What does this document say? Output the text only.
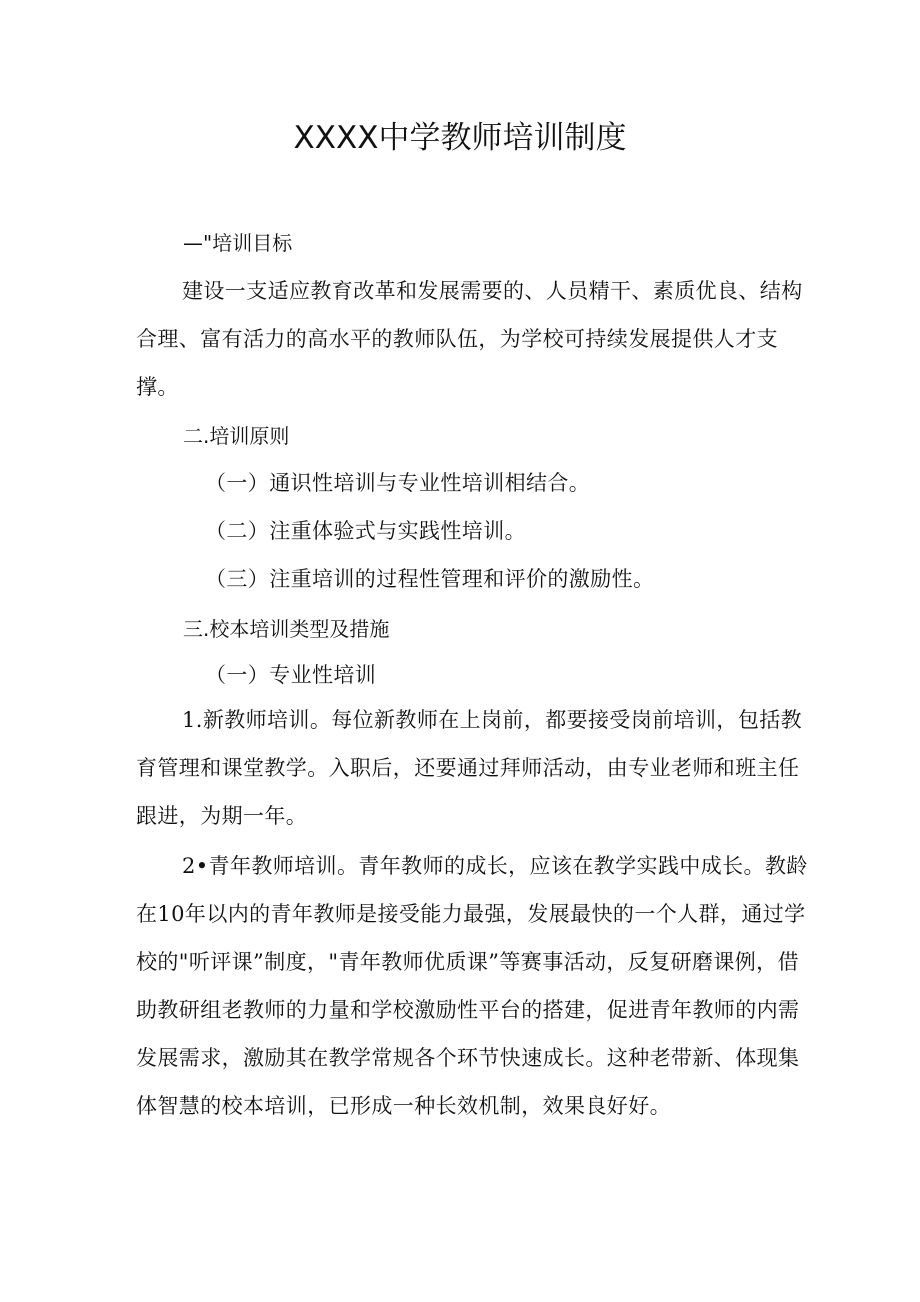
XXXX中学教师培训制度
—"培训目标

建设一支适应教育改革和发展需要的、人员精干、素质优良、结构合理、富有活力的高水平的教师队伍，为学校可持续发展提供人才支撑。

二.培训原则

（一）通识性培训与专业性培训相结合。

（二）注重体验式与实践性培训。

（三）注重培训的过程性管理和评价的激励性。

三.校本培训类型及措施

（一）专业性培训

1.新教师培训。每位新教师在上岗前，都要接受岗前培训，包括教育管理和课堂教学。入职后，还要通过拜师活动，由专业老师和班主任跟进，为期一年。

2•青年教师培训。青年教师的成长，应该在教学实践中成长。教龄在10年以内的青年教师是接受能力最强，发展最快的一个人群，通过学校的"听评课”制度，"青年教师优质课”等赛事活动，反复研磨课例，借助教研组老教师的力量和学校激励性平台的搭建，促进青年教师的内需发展需求，激励其在教学常规各个环节快速成长。这种老带新、体现集体智慧的校本培训，已形成一种长效机制，效果良好好。
